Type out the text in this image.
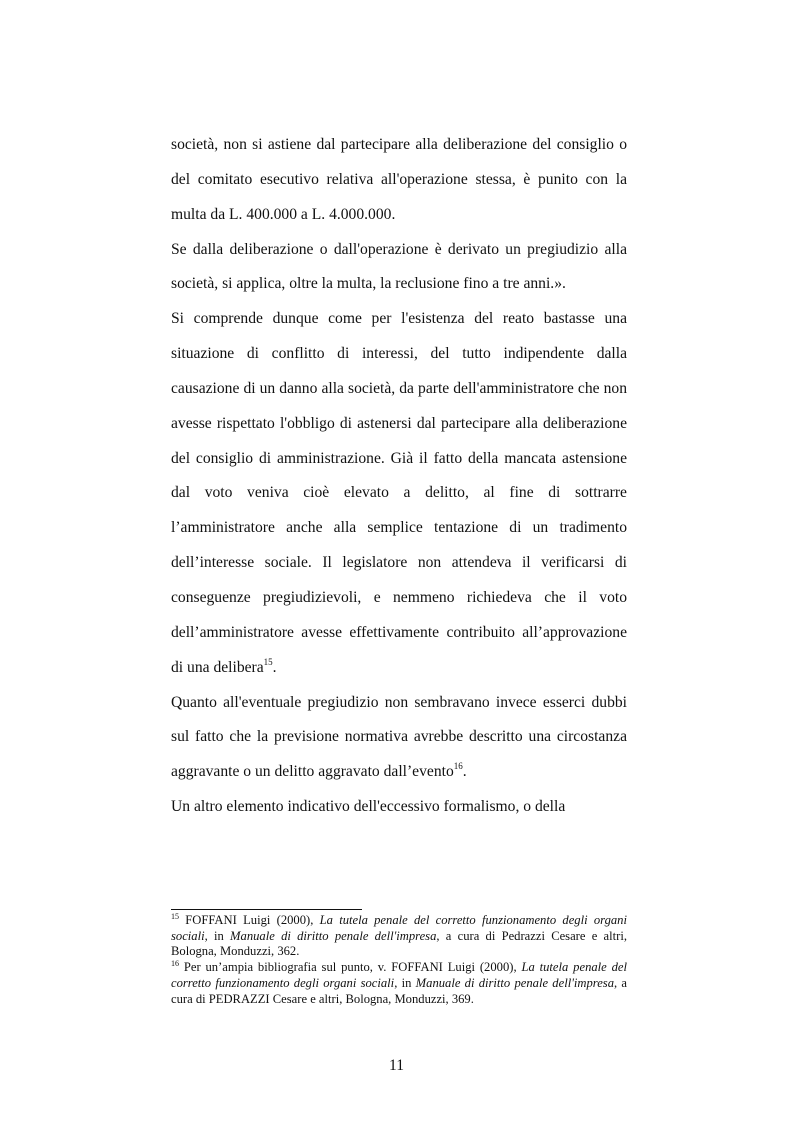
società, non si astiene dal partecipare alla deliberazione del consiglio o del comitato esecutivo relativa all'operazione stessa, è punito con la multa da L. 400.000 a L. 4.000.000.

Se dalla deliberazione o dall'operazione è derivato un pregiudizio alla società, si applica, oltre la multa, la reclusione fino a tre anni.».

Si comprende dunque come per l'esistenza del reato bastasse una situazione di conflitto di interessi, del tutto indipendente dalla causazione di un danno alla società, da parte dell'amministratore che non avesse rispettato l'obbligo di astenersi dal partecipare alla deliberazione del consiglio di amministrazione. Già il fatto della mancata astensione dal voto veniva cioè elevato a delitto, al fine di sottrarre l’amministratore anche alla semplice tentazione di un tradimento dell’interesse sociale. Il legislatore non attendeva il verificarsi di conseguenze pregiudizievoli, e nemmeno richiedeva che il voto dell’amministratore avesse effettivamente contribuito all’approvazione di una delibera$^{15}$.

Quanto all'eventuale pregiudizio non sembravano invece esserci dubbi sul fatto che la previsione normativa avrebbe descritto una circostanza aggravante o un delitto aggravato dall’evento$^{16}$.

Un altro elemento indicativo dell'eccessivo formalismo, o della

$^{15}$ FOFFANI Luigi (2000), La tutela penale del corretto funzionamento degli organi sociali, in Manuale di diritto penale dell'impresa, a cura di Pedrazzi Cesare e altri, Bologna, Monduzzi, 362.

$^{16}$ Per un’ampia bibliografia sul punto, v. FOFFANI Luigi (2000), La tutela penale del corretto funzionamento degli organi sociali, in Manuale di diritto penale dell'impresa, a cura di PEDRAZZI Cesare e altri, Bologna, Monduzzi, 369.

11
